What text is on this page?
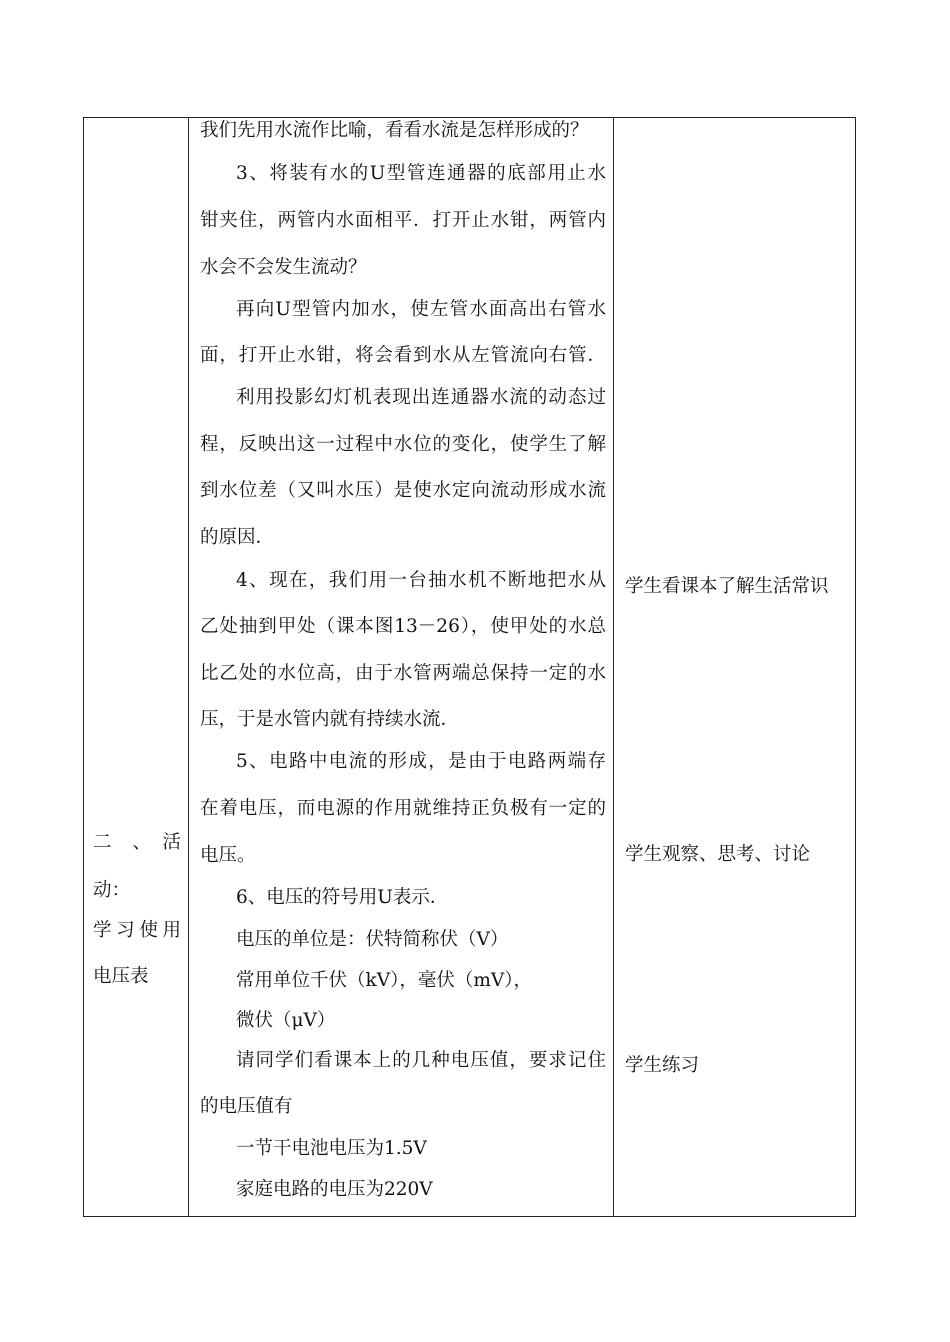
二　、　活
动：
学习使用
电压表
我们先用水流作比喻，看看水流是怎样形成的？
3、将装有水的U型管连通器的底部用止水
钳夹住，两管内水面相平．打开止水钳，两管内
水会不会发生流动？
再向U型管内加水，使左管水面高出右管水
面，打开止水钳，将会看到水从左管流向右管．
利用投影幻灯机表现出连通器水流的动态过
程，反映出这一过程中水位的变化，使学生了解
到水位差（又叫水压）是使水定向流动形成水流
的原因．
4、现在，我们用一台抽水机不断地把水从
乙处抽到甲处（课本图13－26），使甲处的水总
比乙处的水位高，由于水管两端总保持一定的水
压，于是水管内就有持续水流．
5、电路中电流的形成，是由于电路两端存
在着电压，而电源的作用就维持正负极有一定的
电压。
6、电压的符号用U表示．
电压的单位是：伏特简称伏（V）
常用单位千伏（kV），毫伏（mV），
微伏（μV）
请同学们看课本上的几种电压值，要求记住
的电压值有
一节干电池电压为1.5V
家庭电路的电压为220V
学生看课本了解生活常识
学生观察、思考、讨论
学生练习
